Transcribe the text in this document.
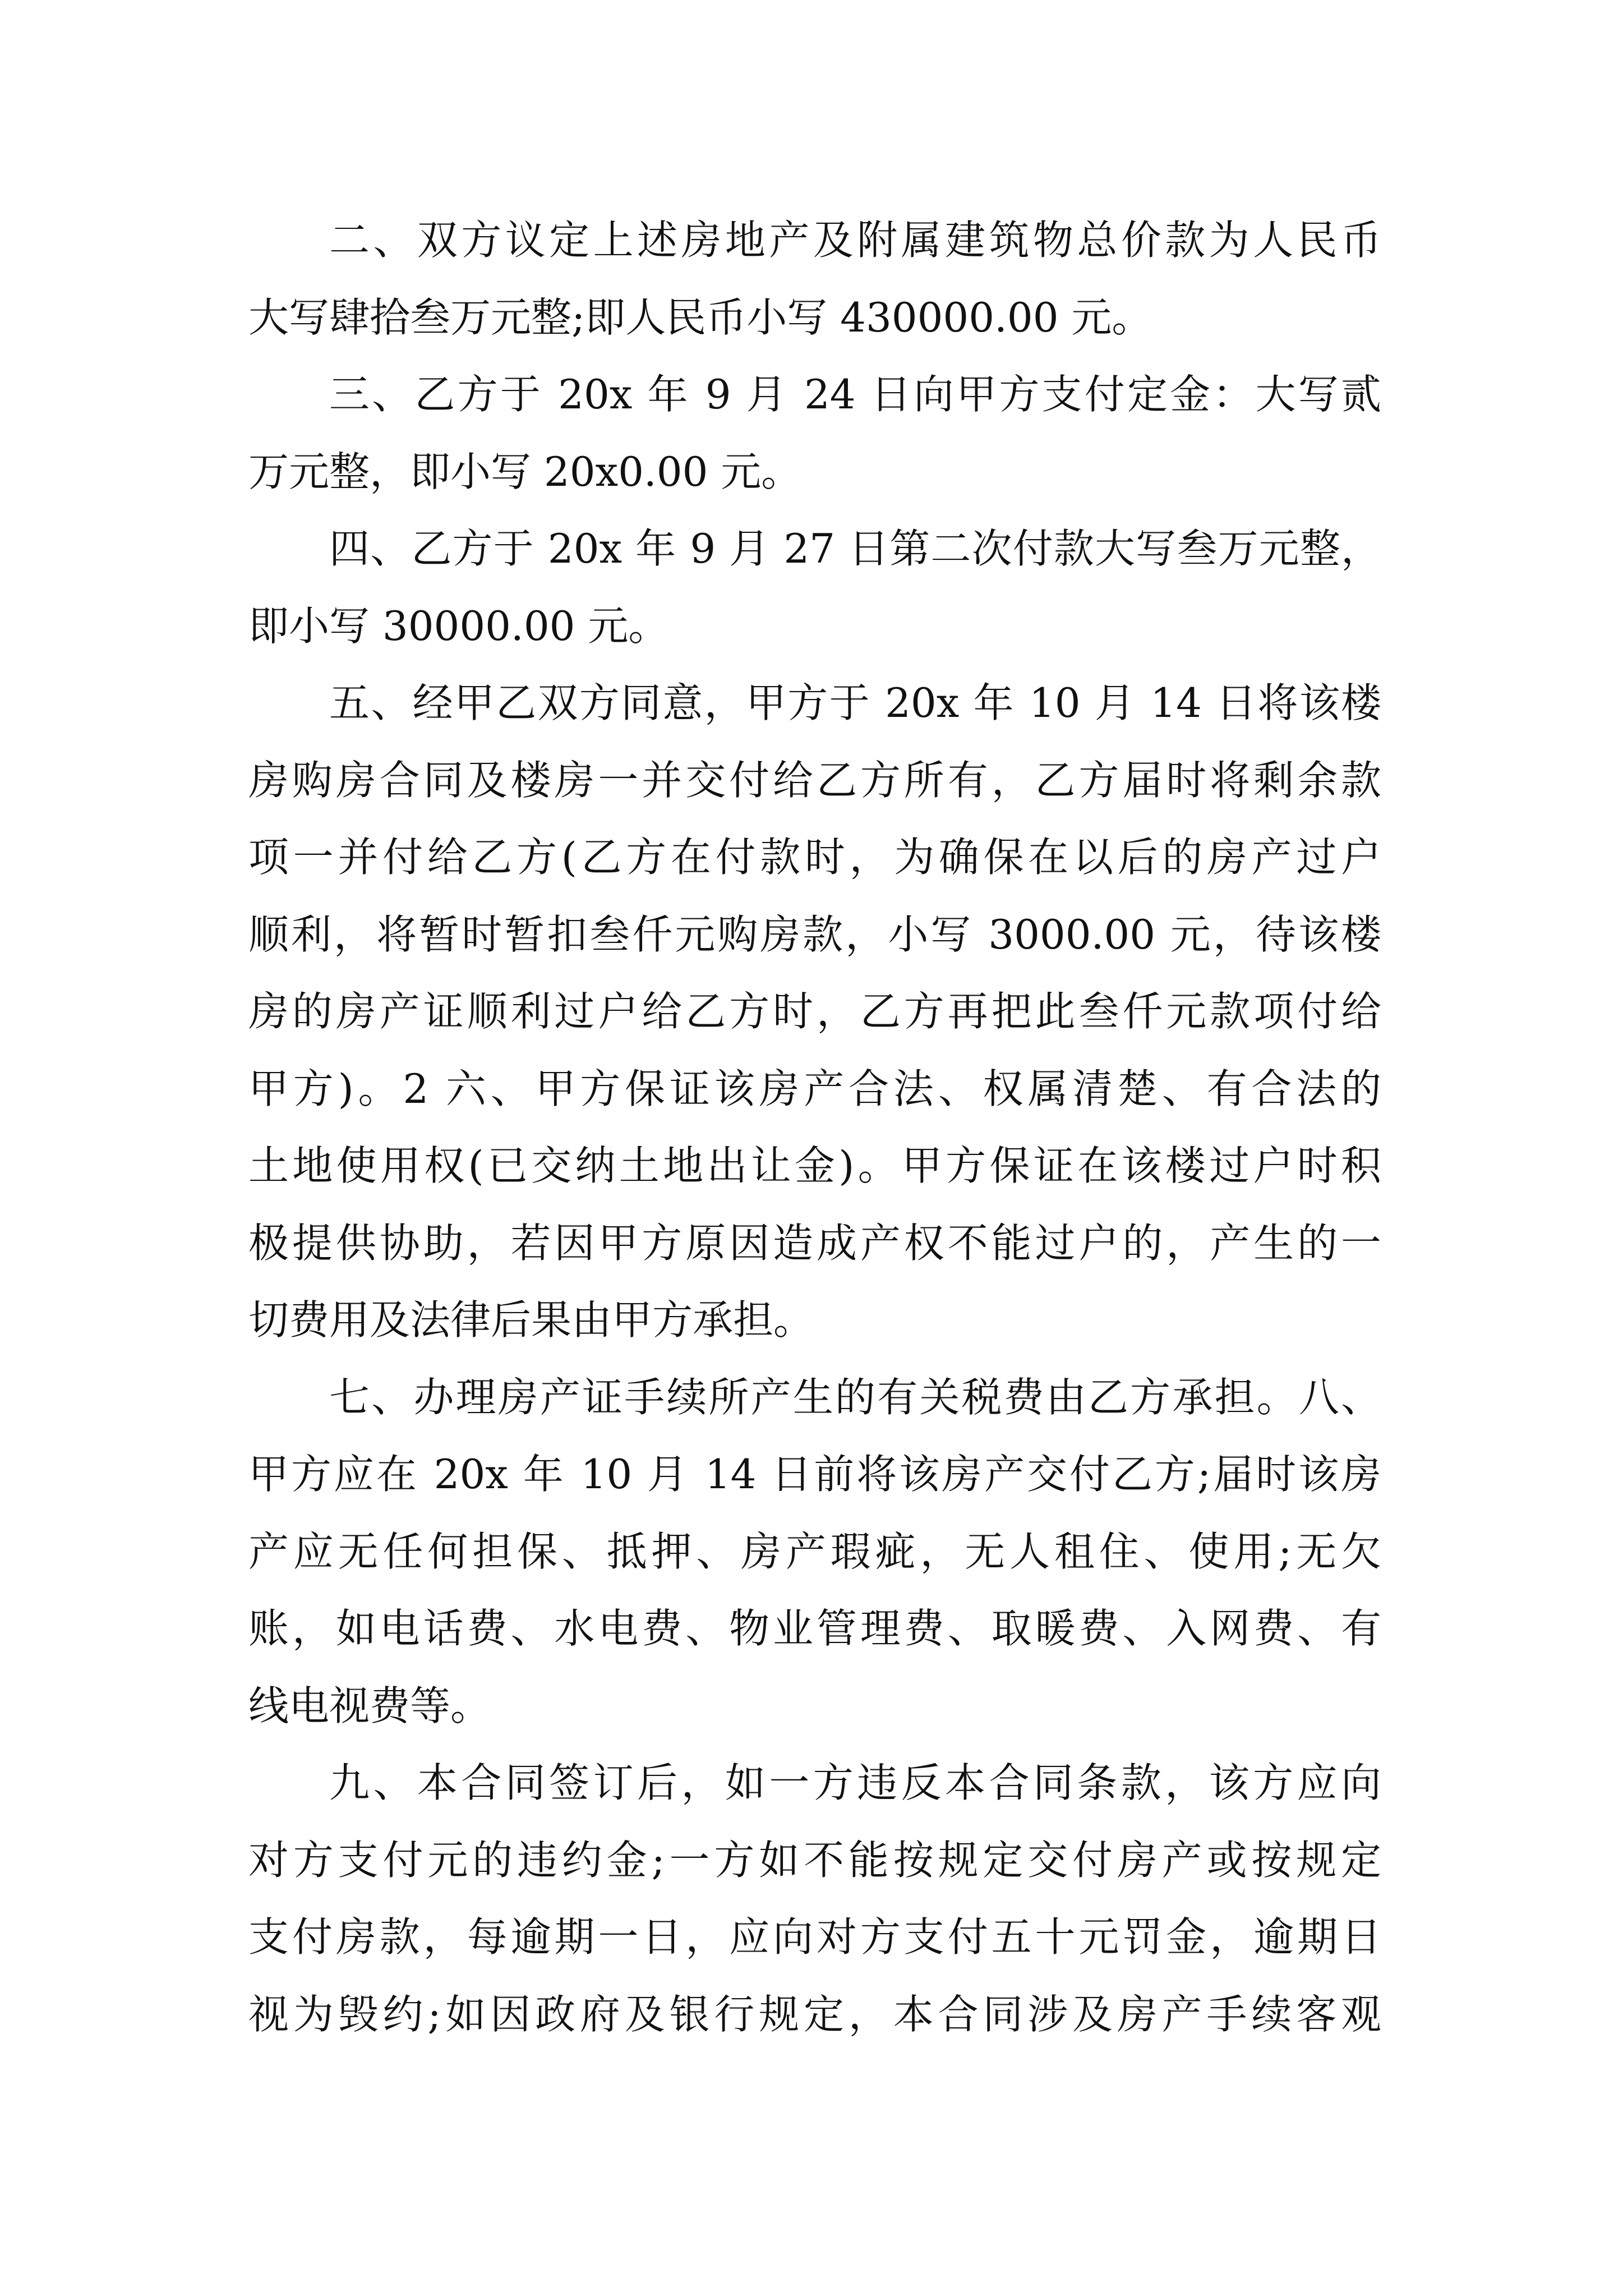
二、双方议定上述房地产及附属建筑物总价款为人民币
大写肆拾叁万元整;即人民币小写 430000.00 元。
三、乙方于 20x 年 9 月 24 日向甲方支付定金：大写贰
万元整，即小写 20x0.00 元。
四、乙方于 20x 年 9 月 27 日第二次付款大写叁万元整，
即小写 30000.00 元。
五、经甲乙双方同意，甲方于 20x 年 10 月 14 日将该楼
房购房合同及楼房一并交付给乙方所有，乙方届时将剩余款
项一并付给乙方(乙方在付款时，为确保在以后的房产过户
顺利，将暂时暂扣叁仟元购房款，小写 3000.00 元，待该楼
房的房产证顺利过户给乙方时，乙方再把此叁仟元款项付给
甲方)。2 六、甲方保证该房产合法、权属清楚、有合法的
土地使用权(已交纳土地出让金)。甲方保证在该楼过户时积
极提供协助，若因甲方原因造成产权不能过户的，产生的一
切费用及法律后果由甲方承担。
七、办理房产证手续所产生的有关税费由乙方承担。八、
甲方应在 20x 年 10 月 14 日前将该房产交付乙方;届时该房
产应无任何担保、抵押、房产瑕疵，无人租住、使用;无欠
账，如电话费、水电费、物业管理费、取暖费、入网费、有
线电视费等。
九、本合同签订后，如一方违反本合同条款，该方应向
对方支付元的违约金;一方如不能按规定交付房产或按规定
支付房款，每逾期一日，应向对方支付五十元罚金，逾期日
视为毁约;如因政府及银行规定，本合同涉及房产手续客观
